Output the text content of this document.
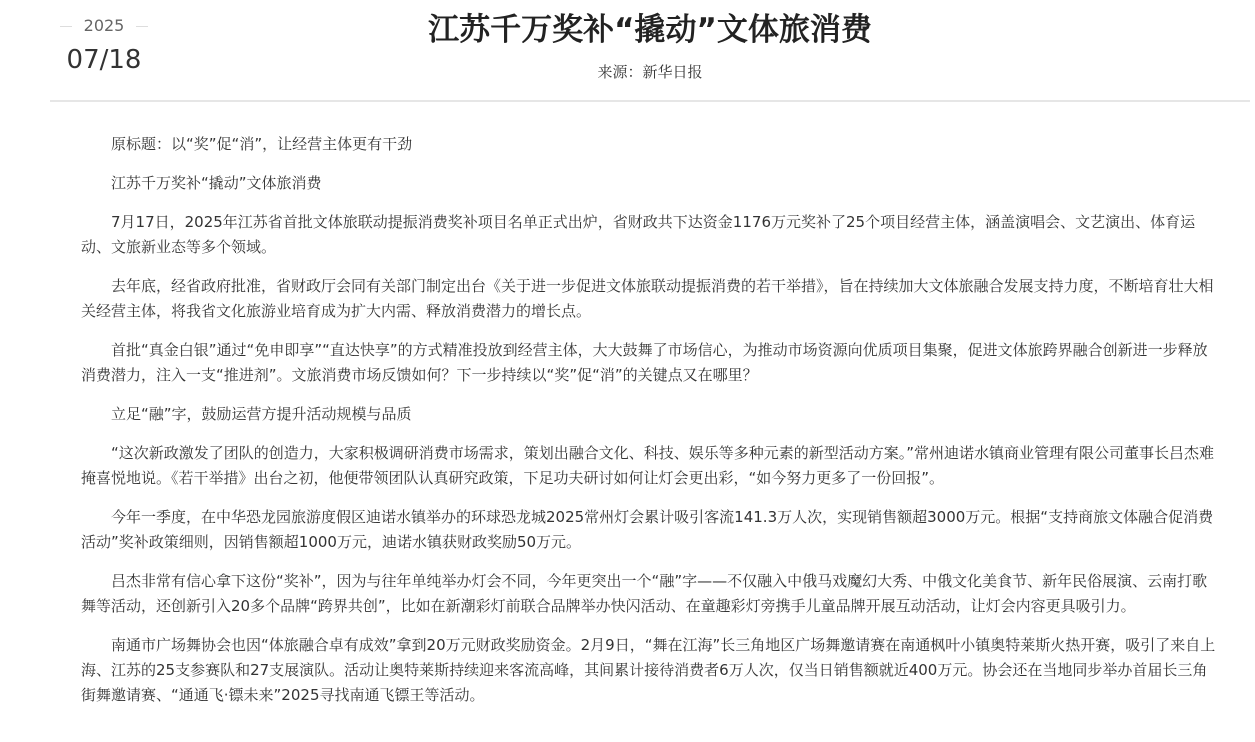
2025
07/18
江苏千万奖补“撬动”文体旅消费
来源：新华日报

原标题：以“奖”促“消”，让经营主体更有干劲

江苏千万奖补“撬动”文体旅消费

7月17日，2025年江苏省首批文体旅联动提振消费奖补项目名单正式出炉，省财政共下达资金1176万元奖补了25个项目经营主体，涵盖演唱会、文艺演出、体育运动、文旅新业态等多个领域。

去年底，经省政府批准，省财政厅会同有关部门制定出台《关于进一步促进文体旅联动提振消费的若干举措》，旨在持续加大文体旅融合发展支持力度，不断培育壮大相关经营主体，将我省文化旅游业培育成为扩大内需、释放消费潜力的增长点。

首批“真金白银”通过“免申即享”“直达快享”的方式精准投放到经营主体，大大鼓舞了市场信心，为推动市场资源向优质项目集聚，促进文体旅跨界融合创新进一步释放消费潜力，注入一支“推进剂”。文旅消费市场反馈如何？下一步持续以“奖”促“消”的关键点又在哪里？

立足“融”字，鼓励运营方提升活动规模与品质

“这次新政激发了团队的创造力，大家积极调研消费市场需求，策划出融合文化、科技、娱乐等多种元素的新型活动方案。”常州迪诺水镇商业管理有限公司董事长吕杰难掩喜悦地说。《若干举措》出台之初，他便带领团队认真研究政策，下足功夫研讨如何让灯会更出彩，“如今努力更多了一份回报”。

今年一季度，在中华恐龙园旅游度假区迪诺水镇举办的环球恐龙城2025常州灯会累计吸引客流141.3万人次，实现销售额超3000万元。根据“支持商旅文体融合促消费活动”奖补政策细则，因销售额超1000万元，迪诺水镇获财政奖励50万元。

吕杰非常有信心拿下这份“奖补”，因为与往年单纯举办灯会不同，今年更突出一个“融”字——不仅融入中俄马戏魔幻大秀、中俄文化美食节、新年民俗展演、云南打歌舞等活动，还创新引入20多个品牌“跨界共创”，比如在新潮彩灯前联合品牌举办快闪活动、在童趣彩灯旁携手儿童品牌开展互动活动，让灯会内容更具吸引力。

南通市广场舞协会也因“体旅融合卓有成效”拿到20万元财政奖励资金。2月9日，“舞在江海”长三角地区广场舞邀请赛在南通枫叶小镇奥特莱斯火热开赛，吸引了来自上海、江苏的25支参赛队和27支展演队。活动让奥特莱斯持续迎来客流高峰，其间累计接待消费者6万人次，仅当日销售额就近400万元。协会还在当地同步举办首届长三角街舞邀请赛、“通通飞·镖未来”2025寻找南通飞镖王等活动。
